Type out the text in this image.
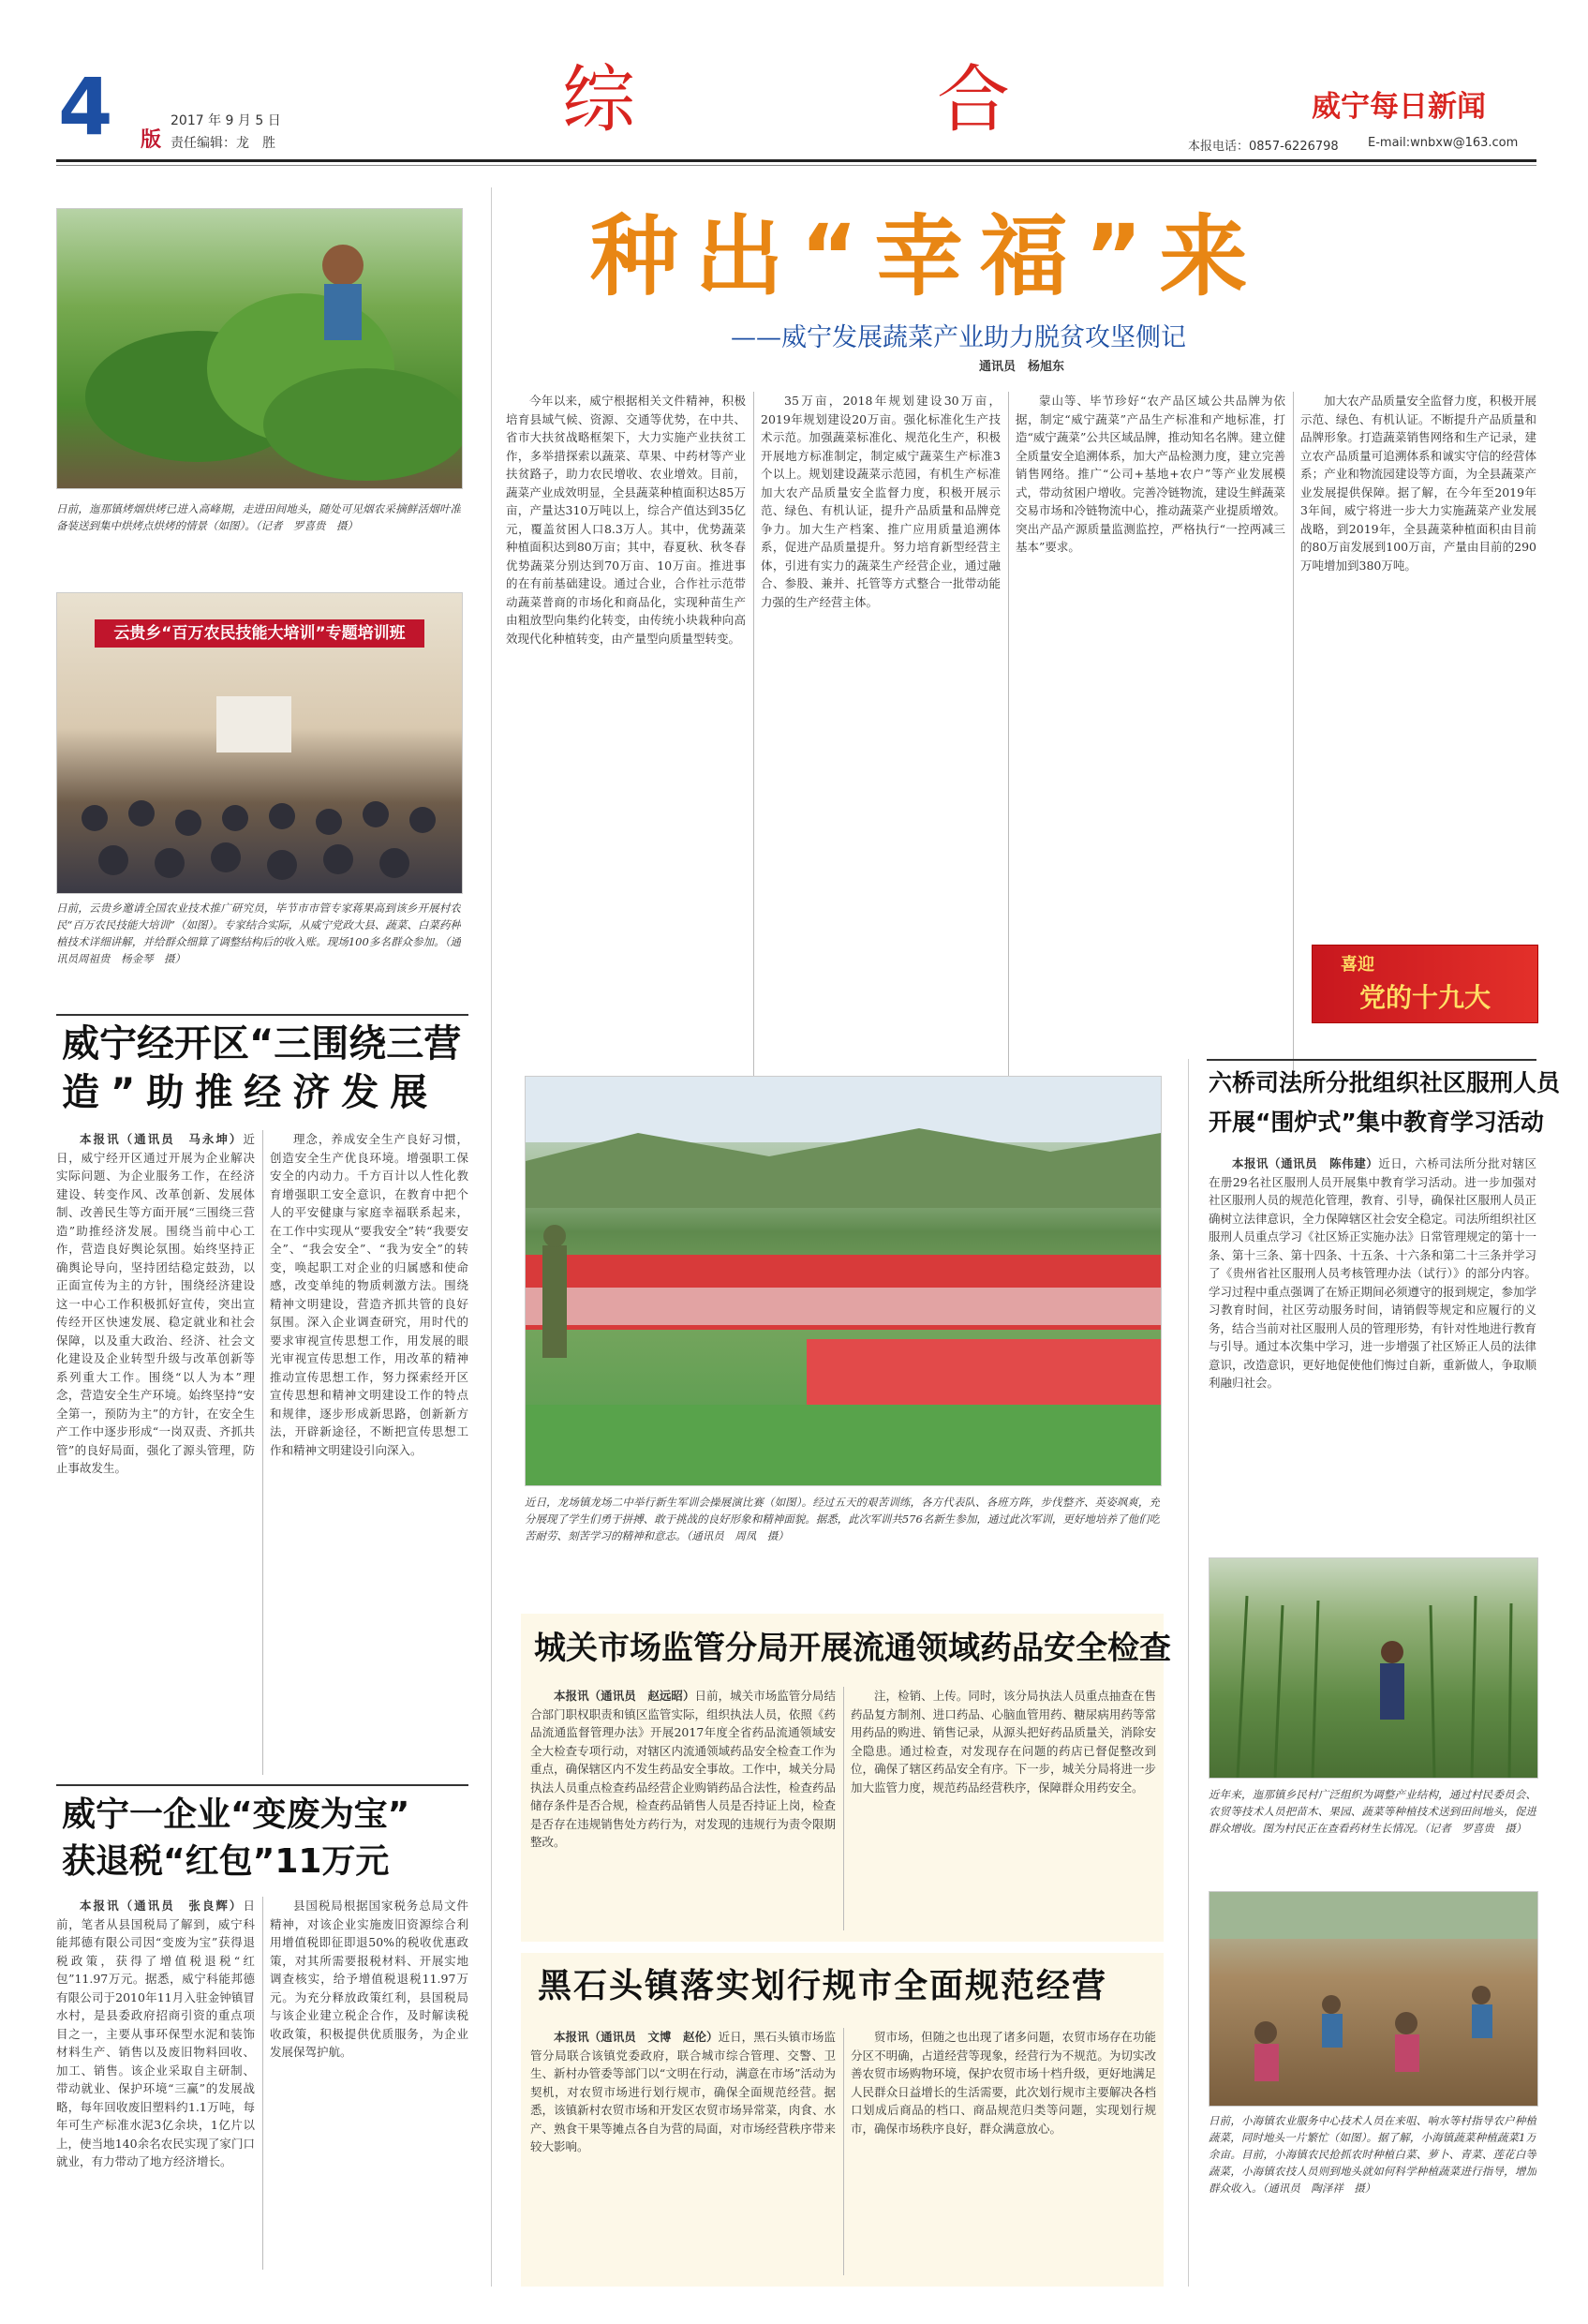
4 版
2017 年 9 月 5 日
责任编辑：龙　胜
综	合	威宁每日新闻
本报电话：0857-6226798 E-mail:wnbxw@163.com
日前，迤那镇烤烟烘烤已进入高峰期，走进田间地头，随处可见烟农采摘鲜活烟叶准备装送到集中烘烤点烘烤的情景（如图）。（记者　罗喜贵　摄）
云贵乡“百万农民技能大培训”专题培训班
日前，云贵乡邀请全国农业技术推广研究员，毕节市市管专家蒋果高到该乡开展村农民“百万农民技能大培训”（如图）。专家结合实际，从威宁党政大县、蔬菜、白菜药种植技术详细讲解，并给群众细算了调整结构后的收入账。现场100多名群众参加。（通讯员周祖贵　杨金琴　摄）
种出“幸福”来
——威宁发展蔬菜产业助力脱贫攻坚侧记
通讯员　杨旭东

今年以来，威宁根据相关文件精神，积极培育县域气候、资源、交通等优势，在中共、省市大扶贫战略框架下，大力实施产业扶贫工作，多举措探索以蔬菜、草果、中药材等产业扶贫路子，助力农民增收、农业增效。目前，蔬菜产业成效明显，全县蔬菜种植面积达85万亩，产量达310万吨以上，综合产值达到35亿元，覆盖贫困人口8.3万人。其中，优势蔬菜种植面积达到80万亩；其中，春夏秋、秋冬春优势蔬菜分别达到70万亩、10万亩。推进事的在有前基础建设。通过合业，合作社示范带动蔬菜普商的市场化和商品化，实现种苗生产由粗放型向集约化转变，由传统小块栽种向高效现代化种植转变，由产量型向质量型转变。

35万亩，2018年规划建设30万亩，2019年规划建设20万亩。强化标准化生产技术示范。加强蔬菜标准化、规范化生产，积极开展地方标准制定，制定威宁蔬菜生产标准3个以上。规划建设蔬菜示范园，有机生产标准加大农产品质量安全监督力度，积极开展示范、绿色、有机认证，提升产品质量和品牌竞争力。加大生产档案、推广应用质量追溯体系，促进产品质量提升。努力培育新型经营主体，引进有实力的蔬菜生产经营企业，通过融合、参股、兼并、托管等方式整合一批带动能力强的生产经营主体。

蒙山等、毕节珍好“农产品区域公共品牌为依据，制定“威宁蔬菜”产品生产标准和产地标准，打造“威宁蔬菜”公共区域品牌，推动知名名牌。建立健全质量安全追溯体系，加大产品检测力度，建立完善销售网络。推广“公司+基地+农户”等产业发展模式，带动贫困户增收。完善冷链物流，建设生鲜蔬菜交易市场和冷链物流中心，推动蔬菜产业提质增效。突出产品产源质量监测监控，严格执行“一控两减三基本”要求。

加大农产品质量安全监督力度，积极开展示范、绿色、有机认证。不断提升产品质量和品牌形象。打造蔬菜销售网络和生产记录，建立农产品质量可追溯体系和诚实守信的经营体系；产业和物流园建设等方面，为全县蔬菜产业发展提供保障。据了解，在今年至2019年3年间，威宁将进一步大力实施蔬菜产业发展战略，到2019年，全县蔬菜种植面积由目前的80万亩发展到100万亩，产量由目前的290万吨增加到380万吨。

喜迎
党的十九大
威宁经开区“三围绕三营
造”助推经济发展

本报讯（通讯员　马永坤）近日，威宁经开区通过开展为企业解决实际问题、为企业服务工作，在经济建设、转变作风、改革创新、发展体制、改善民生等方面开展“三围绕三营造”助推经济发展。围绕当前中心工作，营造良好舆论氛围。始终坚持正确舆论导向，坚持团结稳定鼓劲，以正面宣传为主的方针，围绕经济建设这一中心工作积极抓好宣传，突出宣传经开区快速发展、稳定就业和社会保障，以及重大政治、经济、社会文化建设及企业转型升级与改革创新等系列重大工作。围绕“以人为本”理念，营造安全生产环境。始终坚持“安全第一，预防为主”的方针，在安全生产工作中逐步形成“一岗双责、齐抓共管”的良好局面，强化了源头管理，防止事故发生。

理念，养成安全生产良好习惯，创造安全生产优良环境。增强职工保安全的内动力。千方百计以人性化教育增强职工安全意识，在教育中把个人的平安健康与家庭幸福联系起来，在工作中实现从“要我安全”转“我要安全”、“我会安全”、“我为安全”的转变，唤起职工对企业的归属感和使命感，改变单纯的物质刺激方法。围绕精神文明建设，营造齐抓共管的良好氛围。深入企业调查研究，用时代的要求审视宣传思想工作，用发展的眼光审视宣传思想工作，用改革的精神推动宣传思想工作，努力探索经开区宣传思想和精神文明建设工作的特点和规律，逐步形成新思路，创新新方法，开辟新途径，不断把宣传思想工作和精神文明建设引向深入。

威宁一企业“变废为宝”
获退税“红包”11万元

本报讯（通讯员　张良辉）日前，笔者从县国税局了解到，威宁科能邦德有限公司因“变废为宝”获得退税政策，获得了增值税退税“红包”11.97万元。据悉，威宁科能邦德有限公司于2010年11月入驻金钟镇冒水村，是县委政府招商引资的重点项目之一，主要从事环保型水泥和装饰材料生产、销售以及废旧物料回收、加工、销售。该企业采取自主研制、带动就业、保护环境“三赢”的发展战略，每年回收废旧塑料约1.1万吨，每年可生产标准水泥3亿余块，1亿片以上，使当地140余名农民实现了家门口就业，有力带动了地方经济增长。

县国税局根据国家税务总局文件精神，对该企业实施废旧资源综合利用增值税即征即退50%的税收优惠政策，对其所需要报税材料、开展实地调查核实，给予增值税退税11.97万元。为充分释放政策红利，县国税局与该企业建立税企合作，及时解读税收政策，积极提供优质服务，为企业发展保驾护航。

近日，龙场镇龙场二中举行新生军训会操展演比赛（如图）。经过五天的艰苦训练，各方代表队、各班方阵，步伐整齐、英姿飒爽，充分展现了学生们勇于拼搏、敢于挑战的良好形象和精神面貌。据悉，此次军训共576名新生参加，通过此次军训，更好地培养了他们吃苦耐劳、刻苦学习的精神和意志。（通讯员　周凤　摄）
城关市场监管分局开展流通领域药品安全检查

本报讯（通讯员　赵远昭）日前，城关市场监管分局结合部门职权职责和镇区监管实际，组织执法人员，依照《药品流通监督管理办法》开展2017年度全省药品流通领域安全大检查专项行动，对辖区内流通领域药品安全检查工作为重点，确保辖区内不发生药品安全事故。工作中，城关分局执法人员重点检查药品经营企业购销药品合法性，检查药品储存条件是否合规，检查药品销售人员是否持证上岗，检查是否存在违规销售处方药行为，对发现的违规行为责令限期整改。

注，检销、上传。同时，该分局执法人员重点抽查在售药品复方制剂、进口药品、心脑血管用药、糖尿病用药等常用药品的购进、销售记录，从源头把好药品质量关，消除安全隐患。通过检查，对发现存在问题的药店已督促整改到位，确保了辖区药品安全有序。下一步，城关分局将进一步加大监管力度，规范药品经营秩序，保障群众用药安全。

黑石头镇落实划行规市全面规范经营

本报讯（通讯员　文博　赵伦）近日，黑石头镇市场监管分局联合该镇党委政府，联合城市综合管理、交警、卫生、新村办管委等部门以“文明在行动，满意在市场”活动为契机，对农贸市场进行划行规市，确保全面规范经营。据悉，该镇新村农贸市场和开发区农贸市场异常菜，肉食、水产、熟食干果等摊点各自为营的局面，对市场经营秩序带来较大影响。

贸市场，但随之也出现了诸多问题，农贸市场存在功能分区不明确，占道经营等现象，经营行为不规范。为切实改善农贸市场购物环境，保护农贸市场十档升级，更好地满足人民群众日益增长的生活需要，此次划行规市主要解决各档口划成后商品的档口、商品规范归类等问题，实现划行规市，确保市场秩序良好，群众满意放心。

六桥司法所分批组织社区服刑人员
开展“围炉式”集中教育学习活动

本报讯（通讯员　陈伟建）近日，六桥司法所分批对辖区在册29名社区服刑人员开展集中教育学习活动。进一步加强对社区服刑人员的规范化管理，教育、引导，确保社区服刑人员正确树立法律意识，全力保障辖区社会安全稳定。司法所组织社区服刑人员重点学习《社区矫正实施办法》日常管理规定的第十一条、第十三条、第十四条、十五条、十六条和第二十三条并学习了《贵州省社区服刑人员考核管理办法（试行）》的部分内容。学习过程中重点强调了在矫正期间必须遵守的报到规定，参加学习教育时间，社区劳动服务时间，请销假等规定和应履行的义务，结合当前对社区服刑人员的管理形势，有针对性地进行教育与引导。通过本次集中学习，进一步增强了社区矫正人员的法律意识，改造意识，更好地促使他们悔过自新，重新做人，争取顺利融归社会。

近年来，迤那镇乡民村广泛组织为调整产业结构，通过村民委员会、农贸等技术人员把苗木、果园、蔬菜等种植技术送到田间地头，促进群众增收。图为村民正在查看药材生长情况。（记者　罗喜贵　摄）
日前，小海镇农业服务中心技术人员在来咀、响水等村指导农户种植蔬菜，同时地头一片繁忙（如图）。据了解，小海镇蔬菜种植蔬菜1万余亩。目前，小海镇农民抢抓农时种植白菜、萝卜、青菜、莲花白等蔬菜，小海镇农技人员则到地头就如何科学种植蔬菜进行指导，增加群众收入。（通讯员　陶泽祥　摄）
